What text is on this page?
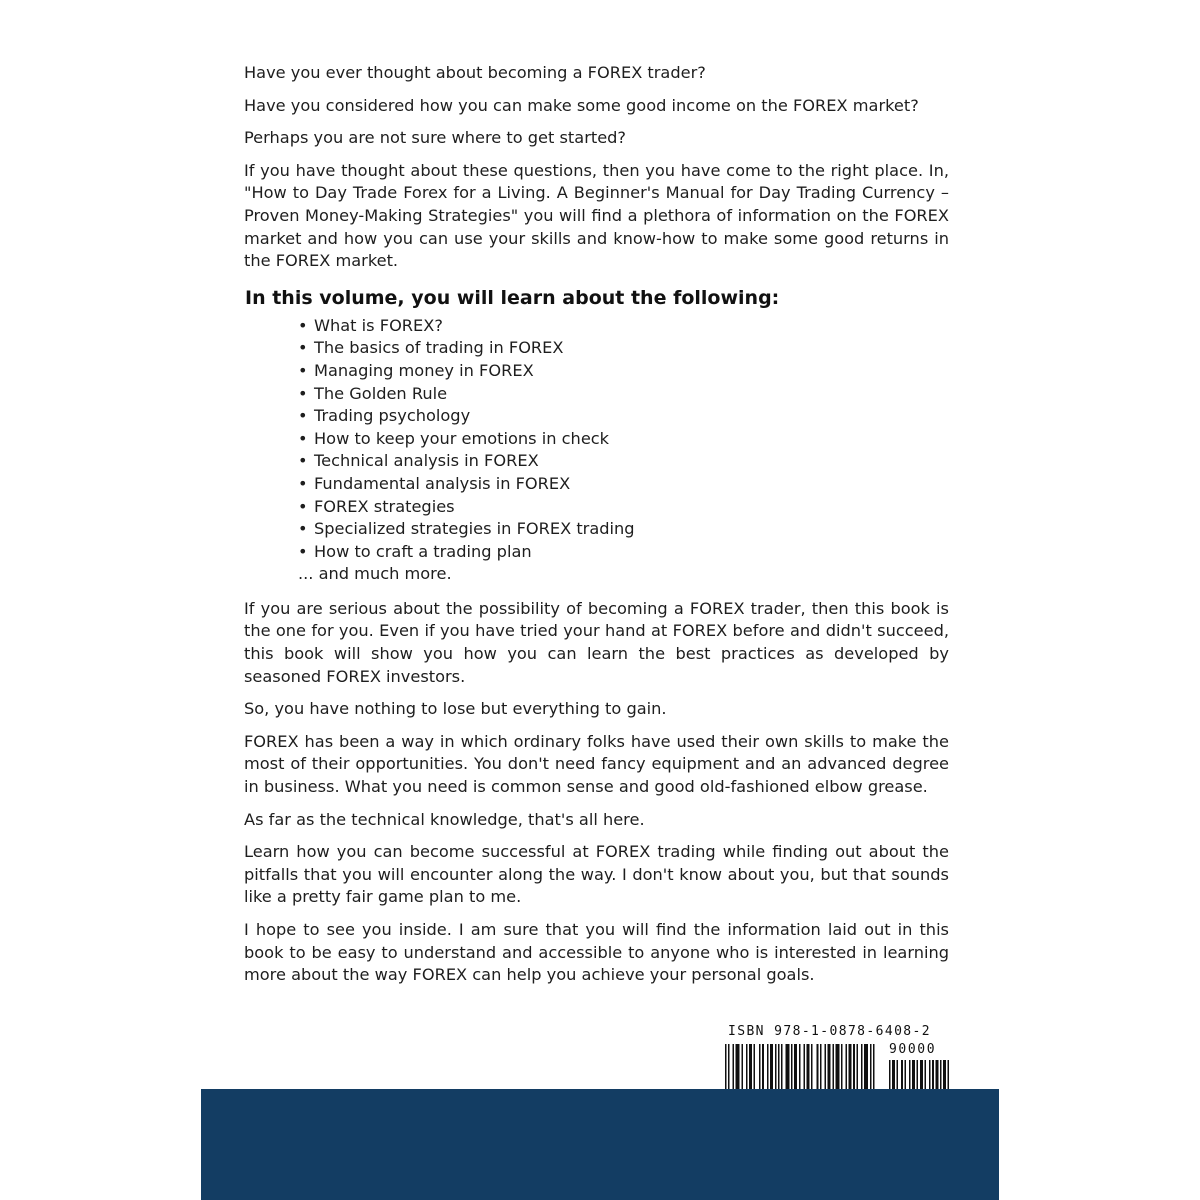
Have you ever thought about becoming a FOREX trader?

Have you considered how you can make some good income on the FOREX market?

Perhaps you are not sure where to get started?

If you have thought about these questions, then you have come to the right place. In, "How to Day Trade Forex for a Living. A Beginner's Manual for Day Trading Currency – Proven Money-Making Strategies" you will find a plethora of information on the FOREX market and how you can use your skills and know-how to make some good returns in the FOREX market.

In this volume, you will learn about the following:
• What is FOREX?
• The basics of trading in FOREX
• Managing money in FOREX
• The Golden Rule
• Trading psychology
• How to keep your emotions in check
• Technical analysis in FOREX
• Fundamental analysis in FOREX
• FOREX strategies
• Specialized strategies in FOREX trading
• How to craft a trading plan
... and much more.

If you are serious about the possibility of becoming a FOREX trader, then this book is the one for you. Even if you have tried your hand at FOREX before and didn't succeed, this book will show you how you can learn the best practices as developed by seasoned FOREX investors.

So, you have nothing to lose but everything to gain.

FOREX has been a way in which ordinary folks have used their own skills to make the most of their opportunities. You don't need fancy equipment and an advanced degree in business. What you need is common sense and good old-fashioned elbow grease.

As far as the technical knowledge, that's all here.

Learn how you can become successful at FOREX trading while finding out about the pitfalls that you will encounter along the way. I don't know about you, but that sounds like a pretty fair game plan to me.

I hope to see you inside. I am sure that you will find the information laid out in this book to be easy to understand and accessible to anyone who is interested in learning more about the way FOREX can help you achieve your personal goals.

ISBN 978-1-0878-6408-2
90000
